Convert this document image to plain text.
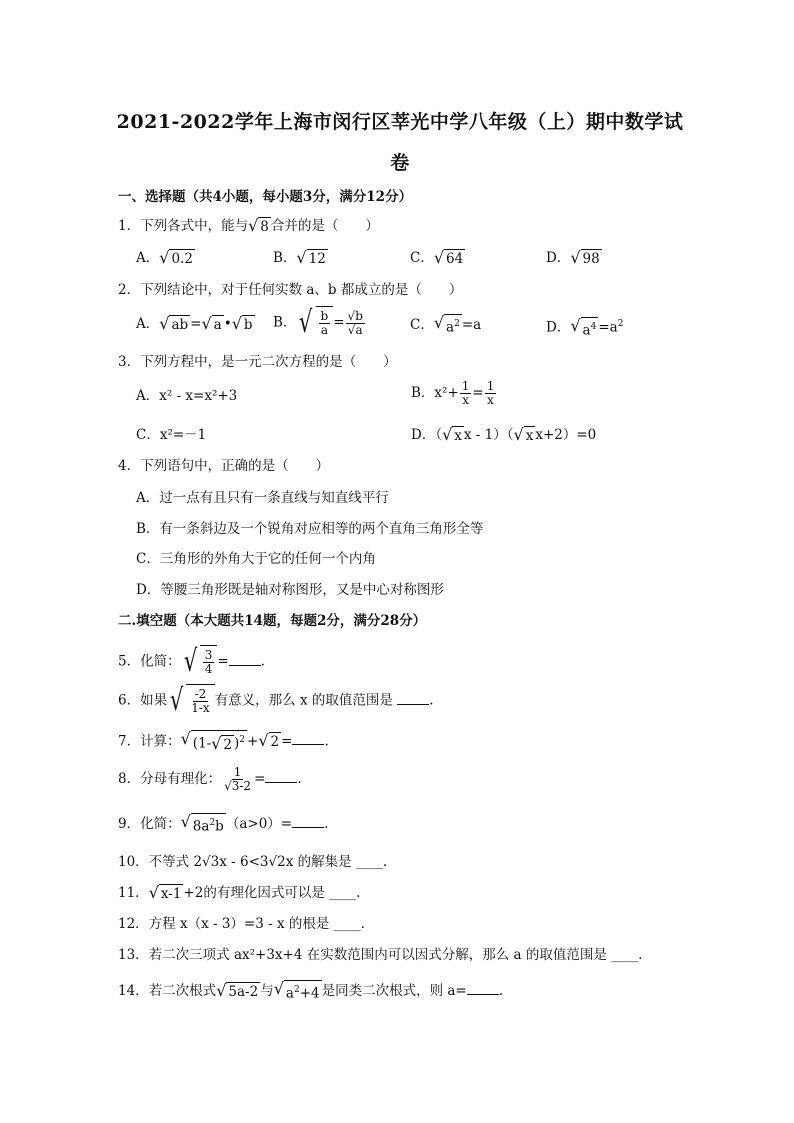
2021-2022学年上海市闵行区莘光中学八年级（上）期中数学试
卷
一、选择题（共4小题，每小题3分，满分12分）
1．下列各式中，能与 √ 8 合并的是（　　）
A． √ 0.2	B． √ 12	C． √ 64	D． √ 98
2．下列结论中，对于任何实数 a、b 都成立的是（　　）
A． √ ab = √ a • √ b B． √ $\frac{b}{a} = \frac{√b}{√a}$	C． √ $a^2 =a$	D． √ $a^4 =a^2$
3．下列方程中，是一元二次方程的是（　　）
A．x² - x=x²+3	B．$x^2+ \frac{1}{x} = \frac{1}{x}$
C．x²=－1	D．（ √ x x - 1）（ √ x x+2）=0
4．下列语句中，正确的是（　　）
A．过一点有且只有一条直线与知直线平行
B．有一条斜边及一个锐角对应相等的两个直角三角形全等
C．三角形的外角大于它的任何一个内角
D．等腰三角形既是轴对称图形，又是中心对称图形
二.填空题（本大题共14题，每题2分，满分28分）
5．化简： √ $\frac{3}{4}$ = .
6．如果 √ $\frac{-2}{1-x}$ 有意义，那么 x 的取值范围是 .
7．计算： √ (1- √ 2 )$^2$ + √ 2 = .
8．分母有理化： $\frac{1}{√3-2}$ = .
9．化简： √ $8a^2b$ （a>0）= .
10．不等式 2√3x - 6<3√2x 的解集是 ____.
11． √ x-1 +2的有理化因式可以是 ____.
12．方程 x（x - 3）=3 - x 的根是 ____.
13．若二次三项式 ax²+3x+4 在实数范围内可以因式分解，那么 a 的取值范围是 ____.
14．若二次根式 √ 5a-2 与 √ $a^2+4$ 是同类二次根式，则 a= .
